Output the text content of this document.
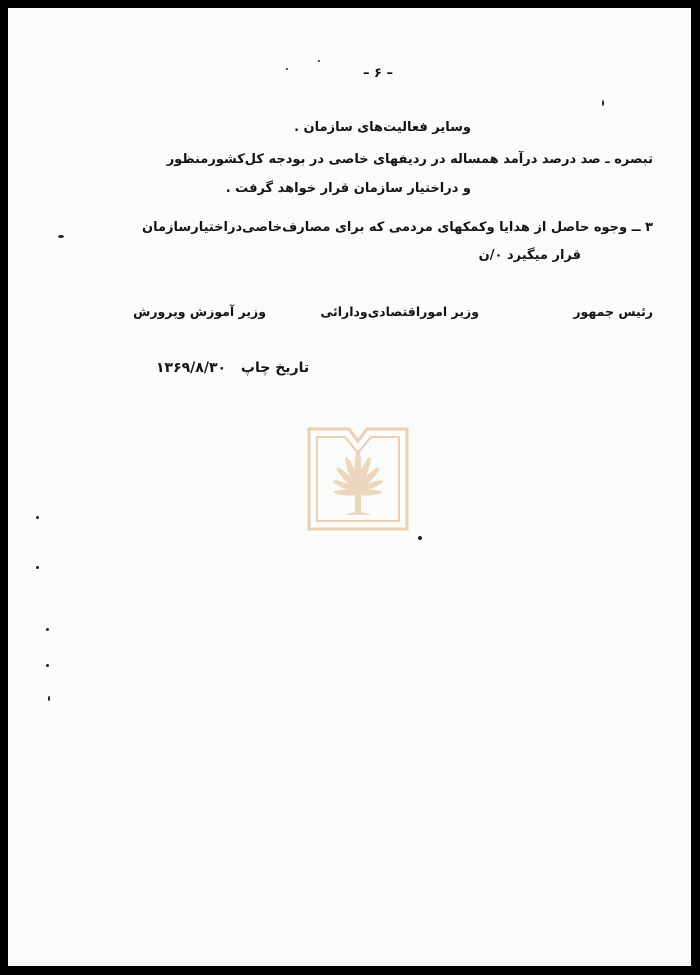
– ۶ –
وسایر فعالیت‌های سازمان .
تبصره ـ صد درصد درآمد همساله در ردیفهای خاصی در بودجه کل‌کشورمنظور
و دراختیار سازمان قرار خواهد گرفت .
۳ ــ وجوه حاصل از هدایا وکمکهای مردمی که برای مصارف‌خاصی‌دراختیارسازمان
قرار میگیرد ۰/ن
رئیس جمهور
وزیر اموراقتصادی‌ودارائی
وزیر آموزش وپرورش
تاریخ چاپ ۱۳۶۹/۸/۳۰
